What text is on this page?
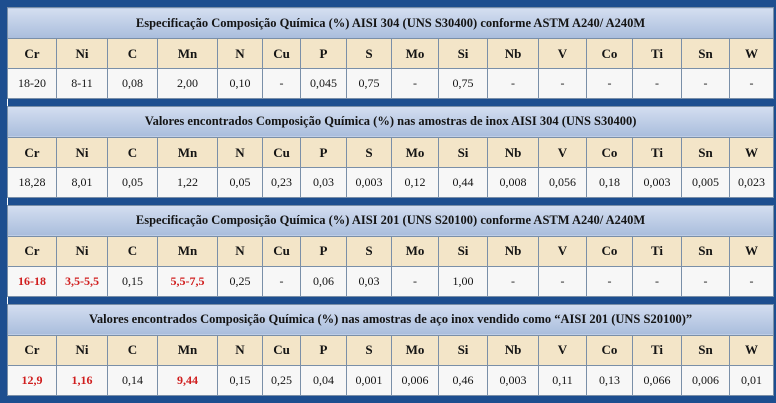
Especificação Composição Química (%) AISI 304 (UNS S30400) conforme ASTM A240/ A240M															
Cr	Ni	C	Mn	N	Cu	P	S	Mo	Si	Nb	V	Co	Ti	Sn	W
18-20	8-11	0,08	2,00	0,10	-	0,045	0,75	-	0,75	-	-	-	-	-	-

Valores encontrados Composição Química (%) nas amostras de inox AISI 304 (UNS S30400)															
Cr	Ni	C	Mn	N	Cu	P	S	Mo	Si	Nb	V	Co	Ti	Sn	W
18,28	8,01	0,05	1,22	0,05	0,23	0,03	0,003	0,12	0,44	0,008	0,056	0,18	0,003	0,005	0,023

Especificação Composição Química (%) AISI 201 (UNS S20100) conforme ASTM A240/ A240M															
Cr	Ni	C	Mn	N	Cu	P	S	Mo	Si	Nb	V	Co	Ti	Sn	W
16-18	3,5-5,5	0,15	5,5-7,5	0,25	-	0,06	0,03	-	1,00	-	-	-	-	-	-

Valores encontrados Composição Química (%) nas amostras de aço inox vendido como “AISI 201 (UNS S20100)”															
Cr	Ni	C	Mn	N	Cu	P	S	Mo	Si	Nb	V	Co	Ti	Sn	W
12,9	1,16	0,14	9,44	0,15	0,25	0,04	0,001	0,006	0,46	0,003	0,11	0,13	0,066	0,006	0,01
